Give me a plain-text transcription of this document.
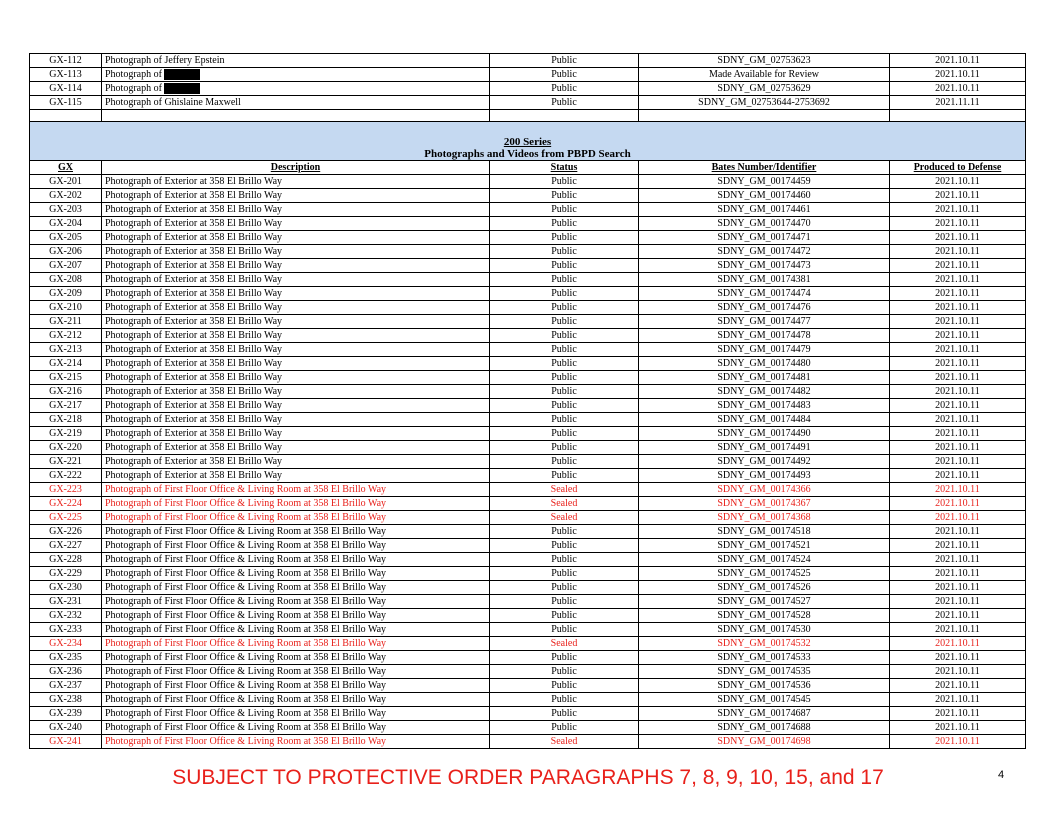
GX-112	Photograph of Jeffery Epstein	Public	SDNY_GM_02753623	2021.10.11
GX-113	Photograph of	Public	Made Available for Review	2021.10.11
GX-114	Photograph of	Public	SDNY_GM_02753629	2021.10.11
GX-115	Photograph of Ghislaine Maxwell	Public	SDNY_GM_02753644-2753692	2021.11.11

200 Series
Photographs and Videos from PBPD Search				

GX	Description	Status	Bates Number/Identifier	Produced to Defense
GX-201	Photograph of Exterior at 358 El Brillo Way	Public	SDNY_GM_00174459	2021.10.11
GX-202	Photograph of Exterior at 358 El Brillo Way	Public	SDNY_GM_00174460	2021.10.11
GX-203	Photograph of Exterior at 358 El Brillo Way	Public	SDNY_GM_00174461	2021.10.11
GX-204	Photograph of Exterior at 358 El Brillo Way	Public	SDNY_GM_00174470	2021.10.11
GX-205	Photograph of Exterior at 358 El Brillo Way	Public	SDNY_GM_00174471	2021.10.11
GX-206	Photograph of Exterior at 358 El Brillo Way	Public	SDNY_GM_00174472	2021.10.11
GX-207	Photograph of Exterior at 358 El Brillo Way	Public	SDNY_GM_00174473	2021.10.11
GX-208	Photograph of Exterior at 358 El Brillo Way	Public	SDNY_GM_00174381	2021.10.11
GX-209	Photograph of Exterior at 358 El Brillo Way	Public	SDNY_GM_00174474	2021.10.11
GX-210	Photograph of Exterior at 358 El Brillo Way	Public	SDNY_GM_00174476	2021.10.11
GX-211	Photograph of Exterior at 358 El Brillo Way	Public	SDNY_GM_00174477	2021.10.11
GX-212	Photograph of Exterior at 358 El Brillo Way	Public	SDNY_GM_00174478	2021.10.11
GX-213	Photograph of Exterior at 358 El Brillo Way	Public	SDNY_GM_00174479	2021.10.11
GX-214	Photograph of Exterior at 358 El Brillo Way	Public	SDNY_GM_00174480	2021.10.11
GX-215	Photograph of Exterior at 358 El Brillo Way	Public	SDNY_GM_00174481	2021.10.11
GX-216	Photograph of Exterior at 358 El Brillo Way	Public	SDNY_GM_00174482	2021.10.11
GX-217	Photograph of Exterior at 358 El Brillo Way	Public	SDNY_GM_00174483	2021.10.11
GX-218	Photograph of Exterior at 358 El Brillo Way	Public	SDNY_GM_00174484	2021.10.11
GX-219	Photograph of Exterior at 358 El Brillo Way	Public	SDNY_GM_00174490	2021.10.11
GX-220	Photograph of Exterior at 358 El Brillo Way	Public	SDNY_GM_00174491	2021.10.11
GX-221	Photograph of Exterior at 358 El Brillo Way	Public	SDNY_GM_00174492	2021.10.11
GX-222	Photograph of Exterior at 358 El Brillo Way	Public	SDNY_GM_00174493	2021.10.11
GX-223	Photograph of First Floor Office & Living Room at 358 El Brillo Way	Sealed	SDNY_GM_00174366	2021.10.11
GX-224	Photograph of First Floor Office & Living Room at 358 El Brillo Way	Sealed	SDNY_GM_00174367	2021.10.11
GX-225	Photograph of First Floor Office & Living Room at 358 El Brillo Way	Sealed	SDNY_GM_00174368	2021.10.11
GX-226	Photograph of First Floor Office & Living Room at 358 El Brillo Way	Public	SDNY_GM_00174518	2021.10.11
GX-227	Photograph of First Floor Office & Living Room at 358 El Brillo Way	Public	SDNY_GM_00174521	2021.10.11
GX-228	Photograph of First Floor Office & Living Room at 358 El Brillo Way	Public	SDNY_GM_00174524	2021.10.11
GX-229	Photograph of First Floor Office & Living Room at 358 El Brillo Way	Public	SDNY_GM_00174525	2021.10.11
GX-230	Photograph of First Floor Office & Living Room at 358 El Brillo Way	Public	SDNY_GM_00174526	2021.10.11
GX-231	Photograph of First Floor Office & Living Room at 358 El Brillo Way	Public	SDNY_GM_00174527	2021.10.11
GX-232	Photograph of First Floor Office & Living Room at 358 El Brillo Way	Public	SDNY_GM_00174528	2021.10.11
GX-233	Photograph of First Floor Office & Living Room at 358 El Brillo Way	Public	SDNY_GM_00174530	2021.10.11
GX-234	Photograph of First Floor Office & Living Room at 358 El Brillo Way	Sealed	SDNY_GM_00174532	2021.10.11
GX-235	Photograph of First Floor Office & Living Room at 358 El Brillo Way	Public	SDNY_GM_00174533	2021.10.11
GX-236	Photograph of First Floor Office & Living Room at 358 El Brillo Way	Public	SDNY_GM_00174535	2021.10.11
GX-237	Photograph of First Floor Office & Living Room at 358 El Brillo Way	Public	SDNY_GM_00174536	2021.10.11
GX-238	Photograph of First Floor Office & Living Room at 358 El Brillo Way	Public	SDNY_GM_00174545	2021.10.11
GX-239	Photograph of First Floor Office & Living Room at 358 El Brillo Way	Public	SDNY_GM_00174687	2021.10.11
GX-240	Photograph of First Floor Office & Living Room at 358 El Brillo Way	Public	SDNY_GM_00174688	2021.10.11
GX-241	Photograph of First Floor Office & Living Room at 358 El Brillo Way	Sealed	SDNY_GM_00174698	2021.10.11
SUBJECT TO PROTECTIVE ORDER PARAGRAPHS 7, 8, 9, 10, 15, and 17	4
